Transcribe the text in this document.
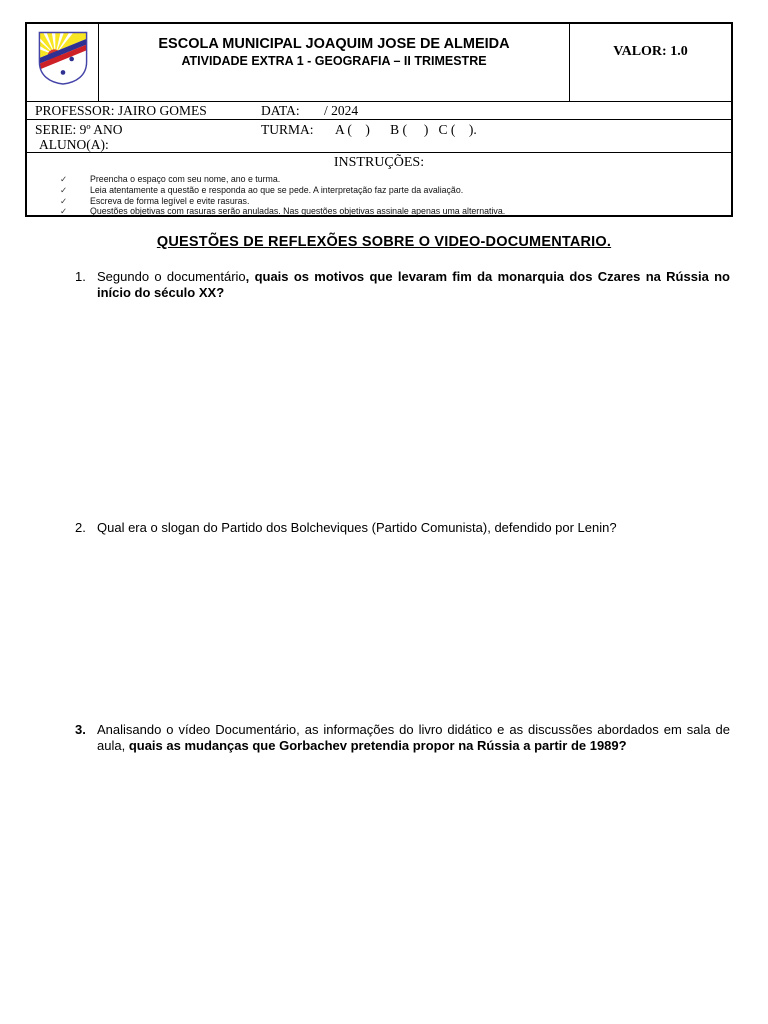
ESCOLA MUNICIPAL JOAQUIM JOSE DE ALMEIDA
ATIVIDADE EXTRA 1 - GEOGRAFIA – II TRIMESTRE
VALOR: 1.0
PROFESSOR: JAIRO GOMES	DATA: / 2024
SERIE: 9º ANO	TURMA: A (    )      B (     )   C (    ).
ALUNO(A):
INSTRUÇÕES:
✓	Preencha o espaço com seu nome, ano e turma.
✓	Leia atentamente a questão e responda ao que se pede. A interpretação faz parte da avaliação.
✓	Escreva de forma legível e evite rasuras.
✓	Questões objetivas com rasuras serão anuladas. Nas questões objetivas assinale apenas uma alternativa.
QUESTÕES DE REFLEXÕES SOBRE O VIDEO-DOCUMENTARIO.
1. Segundo o documentário, quais os motivos que levaram fim da monarquia dos Czares na Rússia no início do século XX?
2. Qual era o slogan do Partido dos Bolcheviques (Partido Comunista), defendido por Lenin?
3. Analisando o vídeo Documentário, as informações do livro didático e as discussões abordados em sala de aula, quais as mudanças que Gorbachev pretendia propor na Rússia a partir de 1989?
